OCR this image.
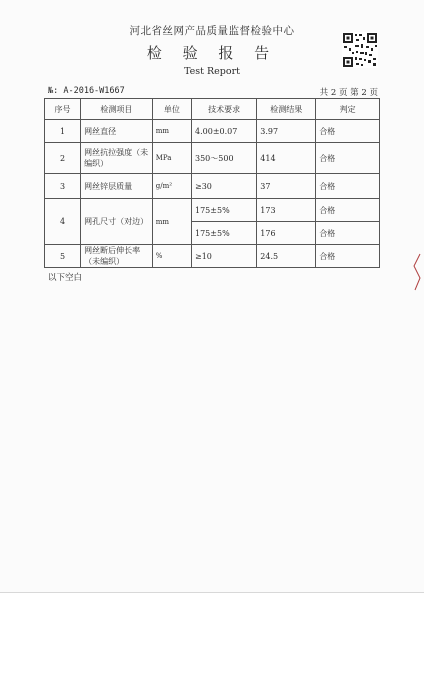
河北省丝网产品质量监督检验中心
检 验 报 告
Test Report
№: A-2016-W1667	共 2 页 第 2 页
序号	检测项目	单位	技术要求	检测结果	判定
1	网丝直径	mm	4.00±0.07	3.97	合格
2	网丝抗拉强度（未编织）	MPa	350～500	414	合格
3	网丝锌层质量	g/m²	≥30	37	合格
4	网孔尺寸（对边）	mm	175±5%	173	合格
			175±5%	176	合格
5	网丝断后伸长率（未编织）	%	≥10	24.5	合格
以下空白
